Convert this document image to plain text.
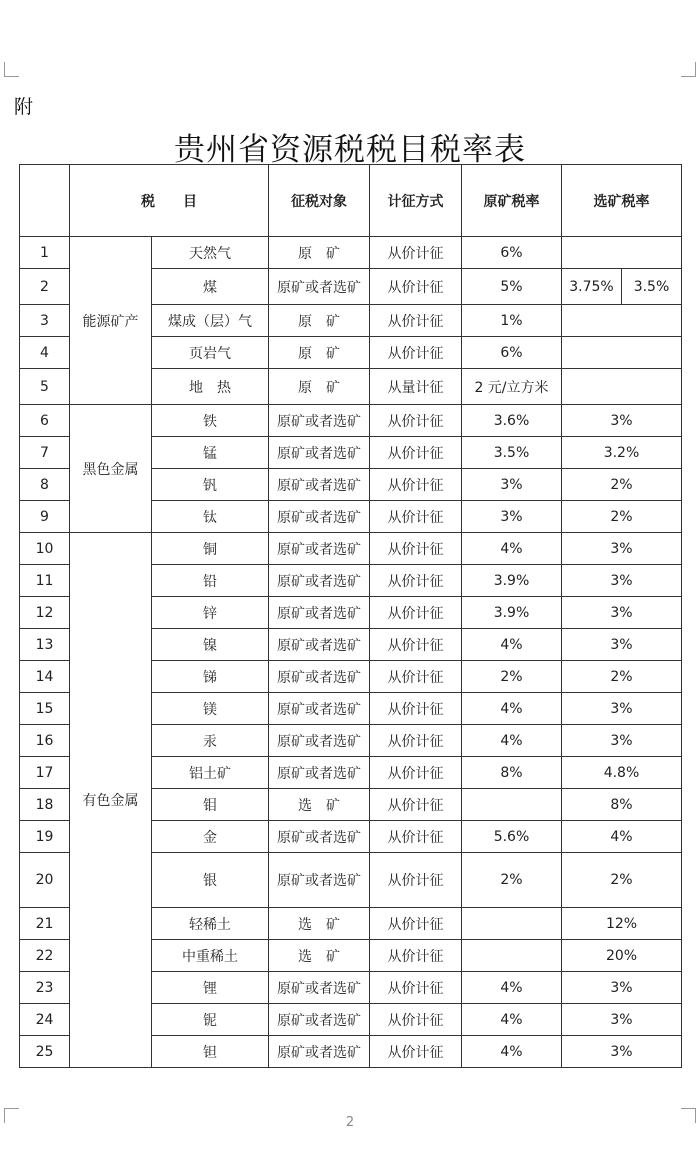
附
贵州省资源税税目税率表
	税　　目		征税对象	计征方式	原矿税率	选矿税率	
1	能源矿产	天然气	原　矿	从价计征	6%		
2		煤	原矿或者选矿	从价计征	5%	3.75%	3.5%
3		煤成（层）气	原　矿	从价计征	1%		
4		页岩气	原　矿	从价计征	6%		
5		地　热	原　矿	从量计征	2 元/立方米		
6	黑色金属	铁	原矿或者选矿	从价计征	3.6%	3%	
7		锰	原矿或者选矿	从价计征	3.5%	3.2%	
8		钒	原矿或者选矿	从价计征	3%	2%	
9		钛	原矿或者选矿	从价计征	3%	2%	
10	有色金属	铜	原矿或者选矿	从价计征	4%	3%	
11		铅	原矿或者选矿	从价计征	3.9%	3%	
12		锌	原矿或者选矿	从价计征	3.9%	3%	
13		镍	原矿或者选矿	从价计征	4%	3%	
14		锑	原矿或者选矿	从价计征	2%	2%	
15		镁	原矿或者选矿	从价计征	4%	3%	
16		汞	原矿或者选矿	从价计征	4%	3%	
17		铝土矿	原矿或者选矿	从价计征	8%	4.8%	
18		钼	选　矿	从价计征		8%	
19		金	原矿或者选矿	从价计征	5.6%	4%	
20		银	原矿或者选矿	从价计征	2%	2%	
21		轻稀土	选　矿	从价计征		12%	
22		中重稀土	选　矿	从价计征		20%	
23		锂	原矿或者选矿	从价计征	4%	3%	
24		铌	原矿或者选矿	从价计征	4%	3%	
25		钽	原矿或者选矿	从价计征	4%	3%	
2
